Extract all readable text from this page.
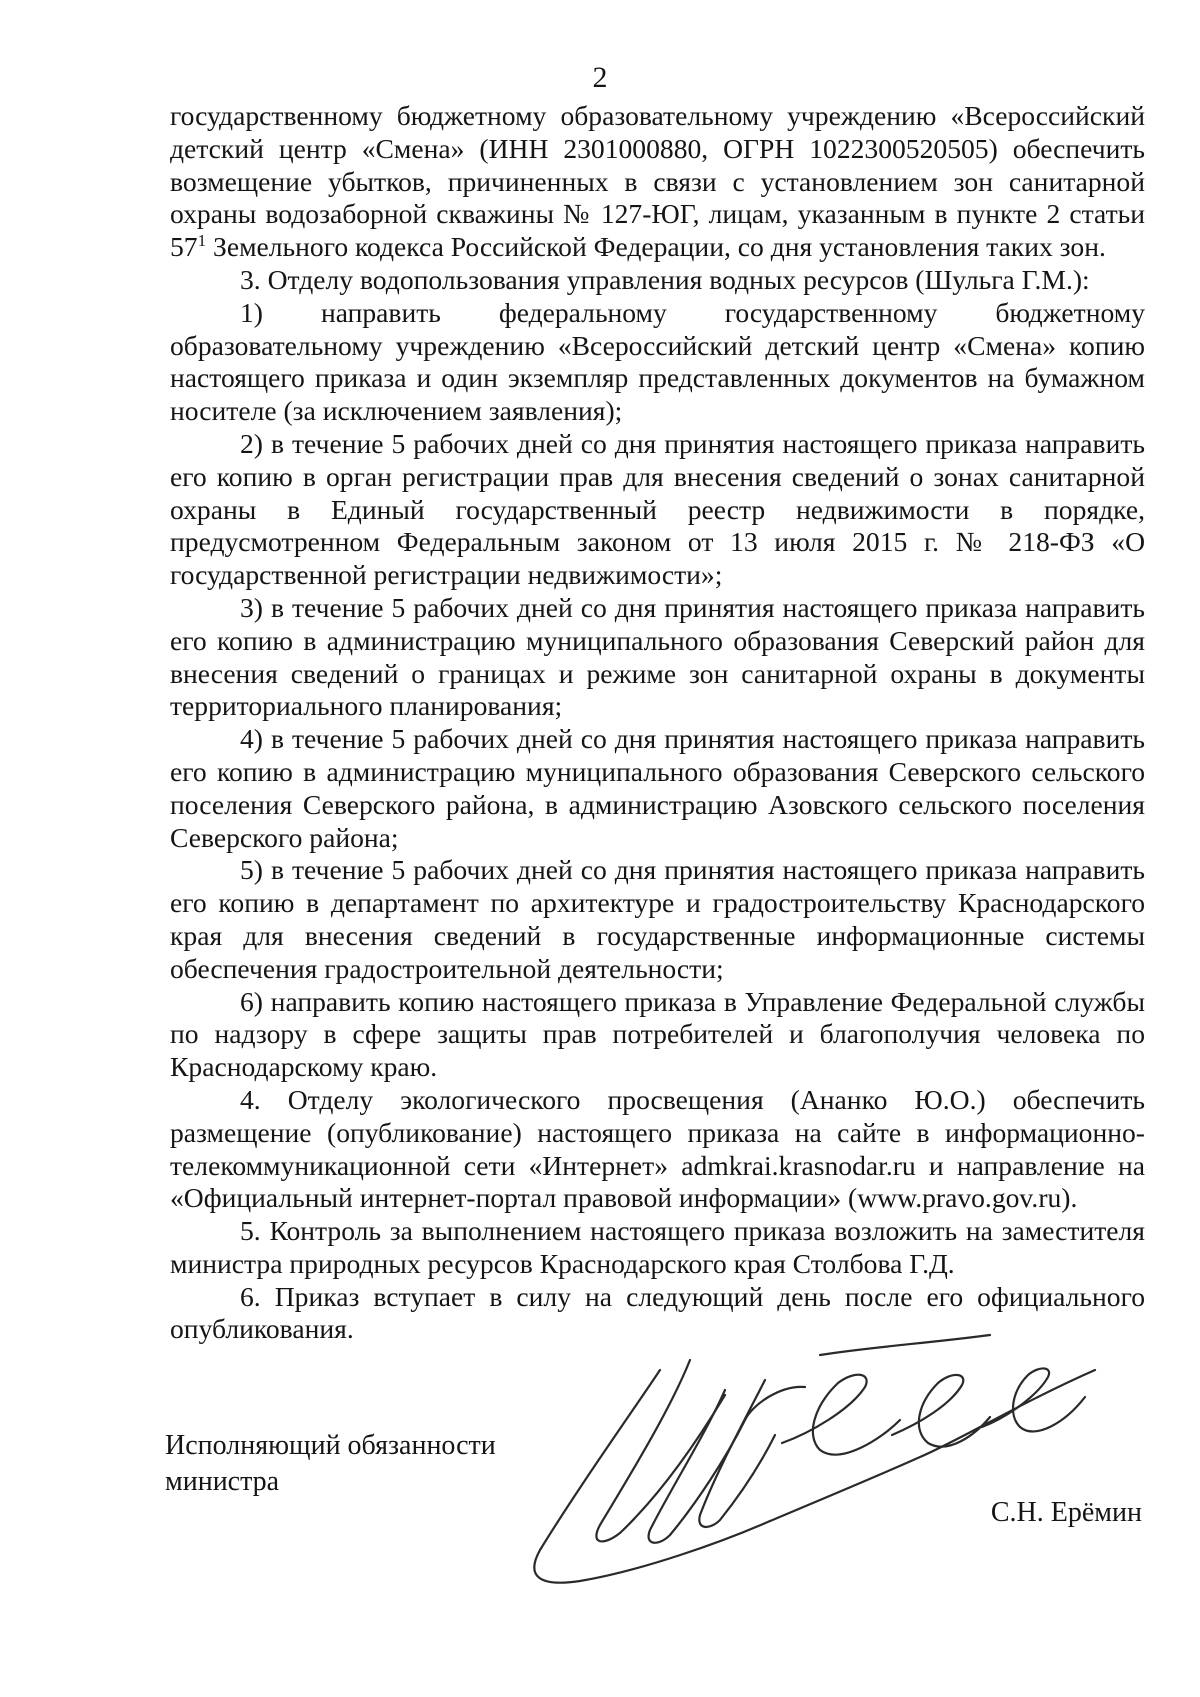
2

государственному бюджетному образовательному учреждению «Всероссийский детский центр «Смена» (ИНН 2301000880, ОГРН 1022300520505) обеспечить возмещение убытков, причиненных в связи с установлением зон санитарной охраны водозаборной скважины № 127-ЮГ, лицам, указанным в пункте 2 статьи $57^1$ Земельного кодекса Российской Федерации, со дня установления таких зон.

3. Отделу водопользования управления водных ресурсов (Шульга Г.М.):

1) направить федеральному государственному бюджетному образовательному учреждению «Всероссийский детский центр «Смена» копию настоящего приказа и один экземпляр представленных документов на бумажном носителе (за исключением заявления);

2) в течение 5 рабочих дней со дня принятия настоящего приказа направить его копию в орган регистрации прав для внесения сведений о зонах санитарной охраны в Единый государственный реестр недвижимости в порядке, предусмотренном Федеральным законом от 13 июля 2015 г. № 218-ФЗ «О государственной регистрации недвижимости»;

3) в течение 5 рабочих дней со дня принятия настоящего приказа направить его копию в администрацию муниципального образования Северский район для внесения сведений о границах и режиме зон санитарной охраны в документы территориального планирования;

4) в течение 5 рабочих дней со дня принятия настоящего приказа направить его копию в администрацию муниципального образования Северского сельского поселения Северского района, в администрацию Азовского сельского поселения Северского района;

5) в течение 5 рабочих дней со дня принятия настоящего приказа направить его копию в департамент по архитектуре и градостроительству Краснодарского края для внесения сведений в государственные информационные системы обеспечения градостроительной деятельности;

6) направить копию настоящего приказа в Управление Федеральной службы по надзору в сфере защиты прав потребителей и благополучия человека по Краснодарскому краю.

4. Отделу экологического просвещения (Ананко Ю.О.) обеспечить размещение (опубликование) настоящего приказа на сайте в информационно-телекоммуникационной сети «Интернет» admkrai.krasnodar.ru и направление на «Официальный интернет-портал правовой информации» (www.pravo.gov.ru).

5. Контроль за выполнением настоящего приказа возложить на заместителя министра природных ресурсов Краснодарского края Столбова Г.Д.

6. Приказ вступает в силу на следующий день после его официального опубликования.

Исполняющий обязанности
министра
С.Н. Ерёмин
